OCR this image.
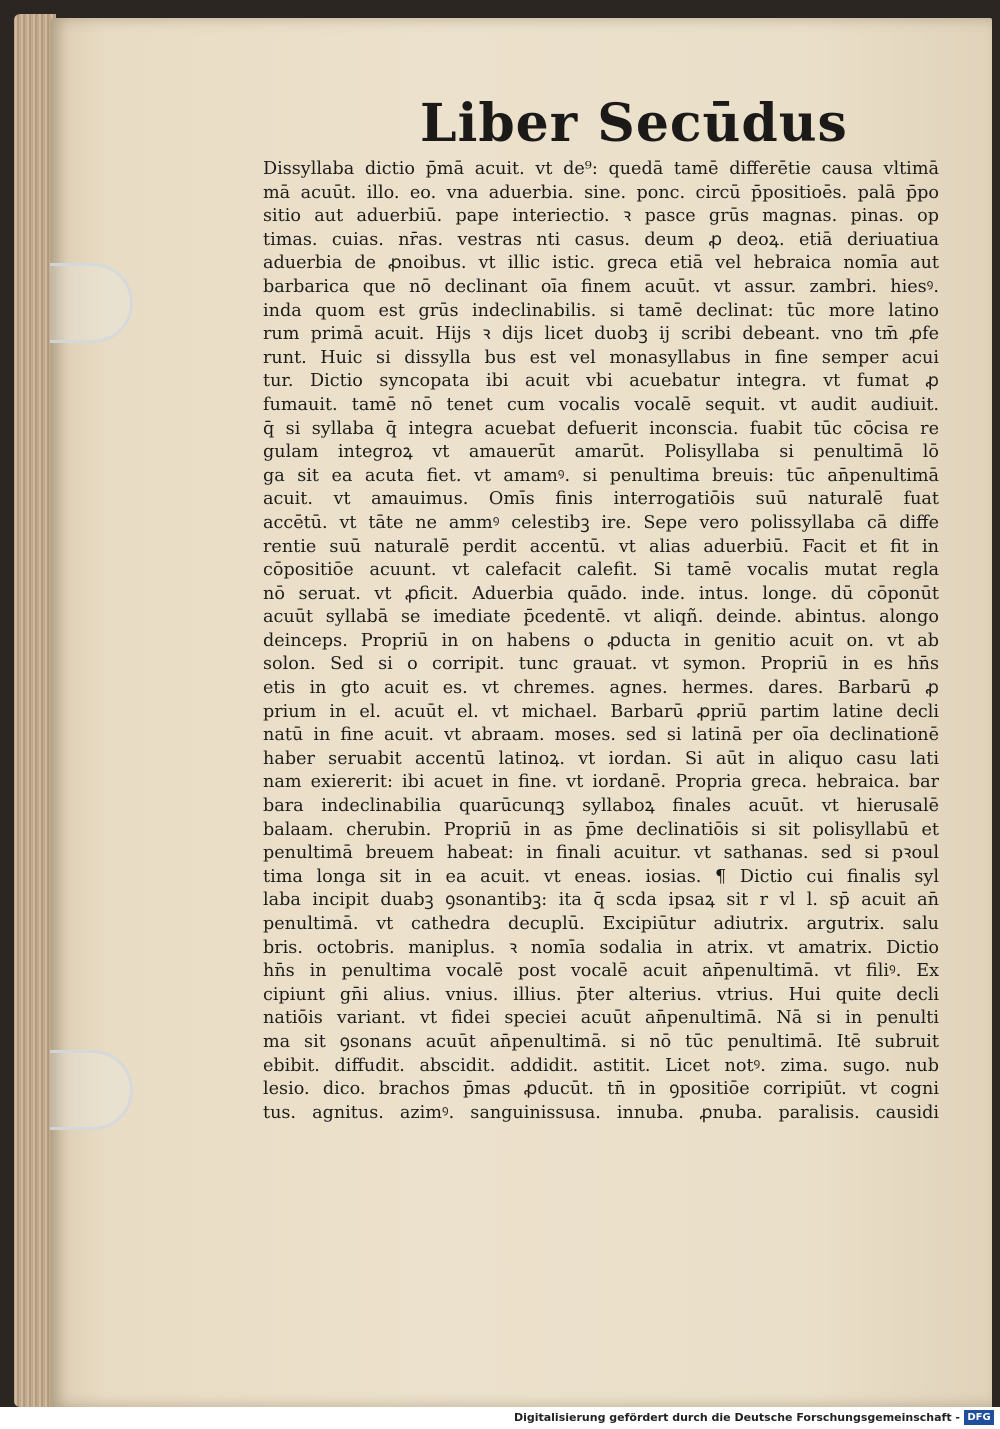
Liber Secūdus
Dissyllaba dictio p̄mā acuit. vt de⁹: quedā tamē differētie causa vltimā
mā acuūt. illo. eo. vna aduerbia. sine. ponc. circū p̄positioēs. palā p̄po
sitio aut aduerbiū. pape interiectio. ꝛ pasce grūs magnas. pinas. op
timas. cuias. nr̄as. vestras nti casus. deum ꝓ deoꝝ. etiā deriuatiua
aduerbia de ꝓnoibus. vt illic istic. greca etiā vel hebraica nomīa aut
barbarica que nō declinant oīa finem acuūt. vt assur. zambri. hiesꝰ.
inda quom est grūs indeclinabilis. si tamē declinat: tūc more latino
rum primā acuit. Hijs ꝛ dijs licet duobꝫ ij scribi debeant. vno tm̄ ꝓfe
runt. Huic si dissylla bus est vel monasyllabus in fine semper acui
tur. Dictio syncopata ibi acuit vbi acuebatur integra. vt fumat ꝓ
fumauit. tamē nō tenet cum vocalis vocalē sequit. vt audit audiuit.
q̄ si syllaba q̄ integra acuebat defuerit inconscia. fuabit tūc cōcisa re
gulam integroꝝ vt amauerūt amarūt. Polisyllaba si penultimā lō
ga sit ea acuta fiet. vt amamꝰ. si penultima breuis: tūc an̄penultimā
acuit. vt amauimus. Omīs finis interrogatiōis suū naturalē fuat
accētū. vt tāte ne ammꝰ celestibꝫ ire. Sepe vero polissyllaba cā diffe
rentie suū naturalē perdit accentū. vt alias aduerbiū. Facit et fit in
cōpositiōe acuunt. vt calefacit calefit. Si tamē vocalis mutat regla
nō seruat. vt ꝓficit. Aduerbia quādo. inde. intus. longe. dū cōponūt
acuūt syllabā se imediate p̄cedentē. vt aliqñ. deinde. abintus. alongo
deinceps. Propriū in on habens o ꝓducta in genitio acuit on. vt ab
solon. Sed si o corripit. tunc grauat. vt symon. Propriū in es hn̄s
etis in gt̄o acuit es. vt chremes. agnes. hermes. dares. Barbarū ꝓ
prium in el. acuūt el. vt michael. Barbarū ꝓpriū partim latine decli
natū in fine acuit. vt abraam. moses. sed si latinā per oīa declinationē
haber seruabit accentū latinoꝝ. vt iordan. Si aūt in aliquo casu lati
nam exiererit: ibi acuet in fine. vt iordanē. Propria greca. hebraica. bar
bara indeclinabilia quarūcunqꝫ syllaboꝝ finales acuūt. vt hierusalē
balaam. cherubin. Propriū in as p̄me declinatiōis si sit polisyllabū et
penultimā breuem habeat: in finali acuitur. vt sathanas. sed si pꝛoul
tima longa sit in ea acuit. vt eneas. iosias. ¶ Dictio cui finalis syl
laba incipit duabꝫ ꝯsonantibꝫ: ita q̄ scd̄a ipsaꝝ sit r vl l. sp̄ acuit an̄
penultimā. vt cathedra decuplū. Excipiūtur adiutrix. argutrix. salu
bris. octobris. maniplus. ꝛ nomīa sodalia in atrix. vt amatrix. Dictio
hn̄s in penultima vocalē post vocalē acuit an̄penultimā. vt filiꝰ. Ex
cipiunt gn̄i alius. vnius. illius. p̄ter alterius. vtrius. Hui quite decli
natiōis variant. vt fidei speciei acuūt an̄penultimā. Nā si in penulti
ma sit ꝯsonans acuūt an̄penultimā. si nō tūc penultimā. Itē subruit
ebibit. diffudit. abscidit. addidit. astitit. Licet notꝰ. zima. sugo. nub
lesio. dico. brachos p̄mas ꝓducūt. tn̄ in ꝯpositiōe corripiūt. vt cogni
tus. agnitus. azimꝰ. sanguinissusa. innuba. ꝓnuba. paralisis. causidi
Digitalisierung gefördert durch die Deutsche Forschungsgemeinschaft - DFG
